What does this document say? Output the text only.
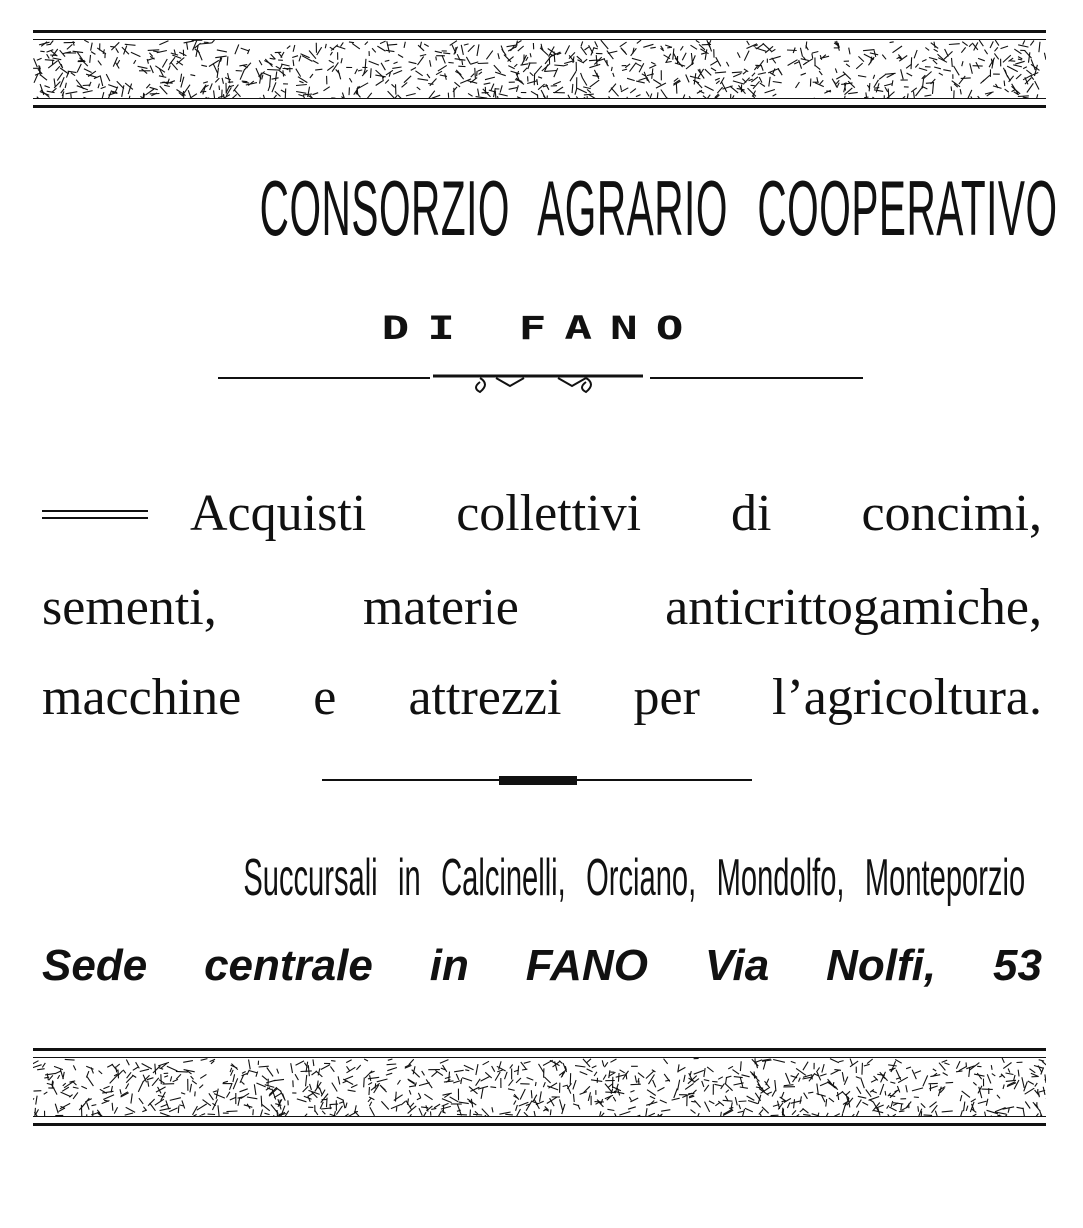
CONSORZIO AGRARIO COOPERATIVO
DI FANO
Acquisti collettivi di concimi,
sementi,	materie	anticrittogamiche,
macchine e attrezzi per l’agricoltura.
Succursali in Calcinelli, Orciano, Mondolfo, Monteporzio
Sede centrale in FANO Via Nolfi, 53
